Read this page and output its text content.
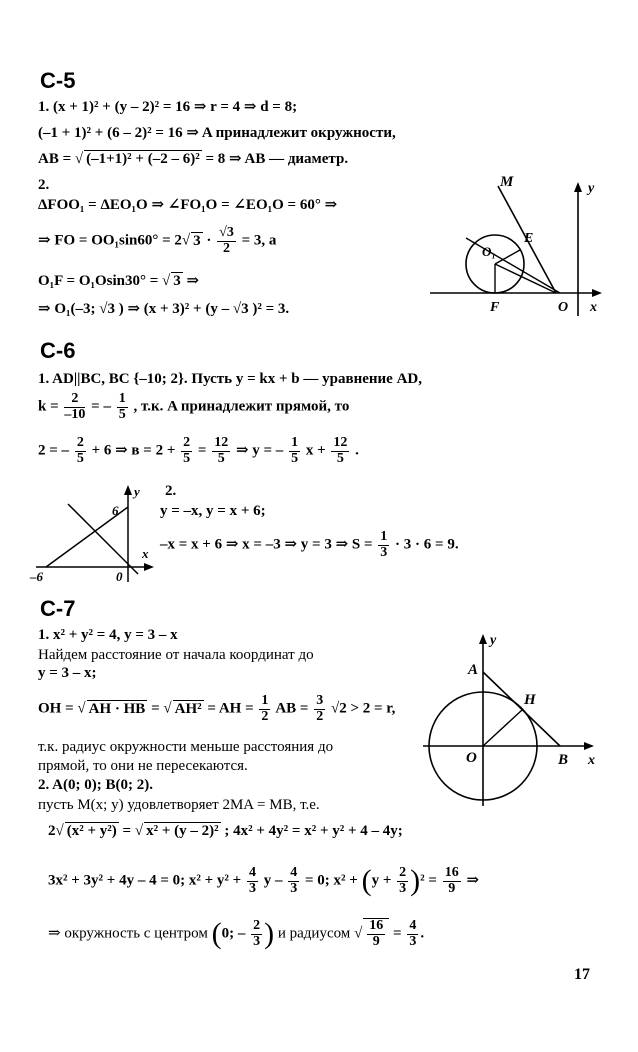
С-5
1. (x + 1)² + (y – 2)² = 16 ⇒ r = 4 ⇒ d = 8;
(–1 + 1)² + (6 – 2)² = 16 ⇒ A принадлежит окружности,
AB = √ (–1+1)² + (–2 – 6)² = 8 ⇒ AB — диаметр.
2.
ΔFOO₁ = ΔEO₁O ⇒ ∠FO₁O = ∠EO₁O = 60° ⇒
⇒ FO = OO₁sin60° = 2√ $3 \cdot \frac{√3}{2} = 3$, а
O₁F = O₁Osin30° = √ 3 ⇒
⇒ O₁(–3; √3 ) ⇒ (x + 3)² + (y – √3 )² = 3.
M	y
E
O₁
F	O x
С-6
1. AD||BC, BC {–10; 2}. Пусть y = kx + b — уравнение AD,
$k = \frac{2}{-10}$ = – $\frac{1}{5}$ , т.к. A принадлежит прямой, то
2 = – $\frac{2}{5} + 6$ ⇒ $в = 2 + \frac{2}{5} = \frac{12}{5}$ ⇒ y = – $\frac{1}{5}$ $x + \frac{12}{5}$ .
y
6
x
–6	0
2.
y = –x, y = x + 6;
–x = x + 6 ⇒ x = –3 ⇒ y = 3 ⇒ $S = \frac{1}{3} \cdot 3 \cdot 6 = 9$.
С-7
1. x² + y² = 4, y = 3 – x
Найдем расстояние от начала координат до
y = 3 – x;
OH = √ AH · HB = √ AH² = AH = $\frac{1}{2}$ AB = $\frac{3}{2} √2 > 2 = r$,
т.к. радиус окружности меньше расстояния до
прямой, то они не пересекаются.
2. A(0; 0); B(0; 2).
пусть M(x; y) удовлетворяет 2MA = MB, т.е.
2√ (x² + y²) = √ x² + (y – 2)² ; 4x² + 4y² = x² + y² + 4 – 4y;
3x² + 3y² + 4y – 4 = 0; $x^2 + y^2 + \frac{4}{3}$ $y - \frac{4}{3} = 0$; $x^2 + (y + \frac{2}{3} )^2 = \frac{16}{9}$ ⇒
⇒ окружность с центром (0; – $\frac{2}{3}$ ) и радиусом √ $\frac{16}{9} = \frac{4}{3}$ .
y
A
H
O	B x
17
